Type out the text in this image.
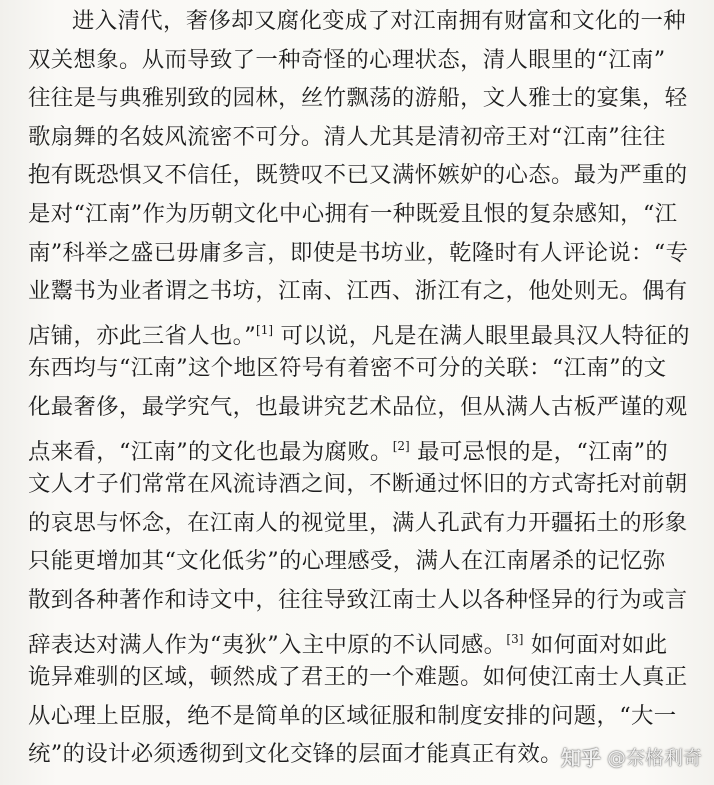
进入清代，奢侈却又腐化变成了对江南拥有财富和文化的一种
双关想象。从而导致了一种奇怪的心理状态，清人眼里的“江南”
往往是与典雅别致的园林，丝竹飘荡的游船，文人雅士的宴集，轻
歌扇舞的名妓风流密不可分。清人尤其是清初帝王对“江南”往往
抱有既恐惧又不信任，既赞叹不已又满怀嫉妒的心态。最为严重的
是对“江南”作为历朝文化中心拥有一种既爱且恨的复杂感知，“江
南”科举之盛已毋庸多言，即使是书坊业，乾隆时有人评论说：“专
业鬻书为业者谓之书坊，江南、江西、浙江有之，他处则无。偶有
店铺，亦此三省人也。”[1] 可以说，凡是在满人眼里最具汉人特征的
东西均与“江南”这个地区符号有着密不可分的关联：“江南”的文
化最奢侈，最学究气，也最讲究艺术品位，但从满人古板严谨的观
点来看，“江南”的文化也最为腐败。[2] 最可忌恨的是，“江南”的
文人才子们常常在风流诗酒之间，不断通过怀旧的方式寄托对前朝
的哀思与怀念，在江南人的视觉里，满人孔武有力开疆拓土的形象
只能更增加其“文化低劣”的心理感受，满人在江南屠杀的记忆弥
散到各种著作和诗文中，往往导致江南士人以各种怪异的行为或言
辞表达对满人作为“夷狄”入主中原的不认同感。[3] 如何面对如此
诡异难驯的区域，顿然成了君王的一个难题。如何使江南士人真正
从心理上臣服，绝不是简单的区域征服和制度安排的问题，“大一
统”的设计必须透彻到文化交锋的层面才能真正有效。
知乎 @奈格利奇
